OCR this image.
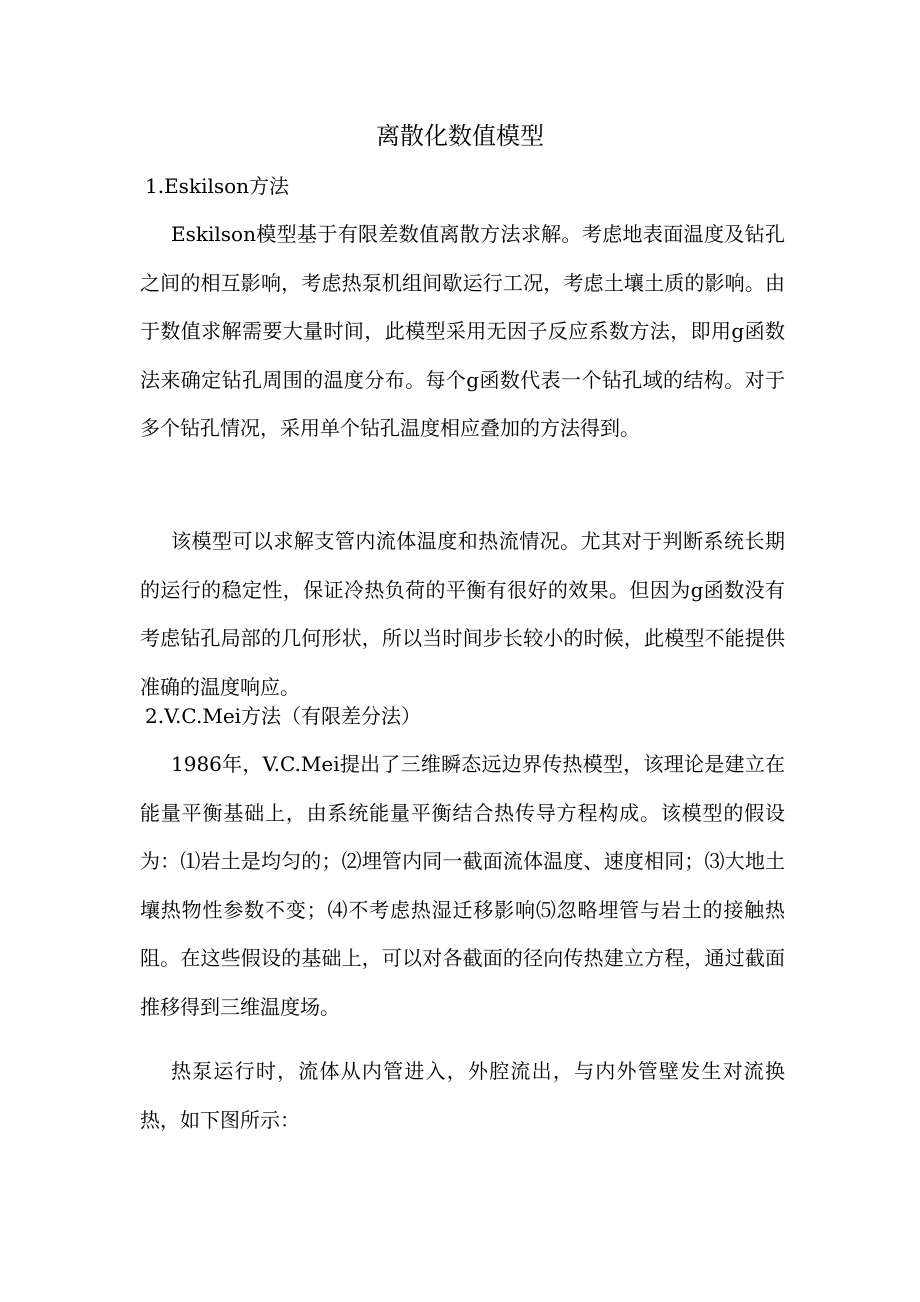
离散化数值模型
1.Eskilson方法

Eskilson模型基于有限差数值离散方法求解。考虑地表面温度及钻孔之间的相互影响，考虑热泵机组间歇运行工况，考虑土壤土质的影响。由于数值求解需要大量时间，此模型采用无因子反应系数方法，即用g函数法来确定钻孔周围的温度分布。每个g函数代表一个钻孔域的结构。对于多个钻孔情况，采用单个钻孔温度相应叠加的方法得到。

该模型可以求解支管内流体温度和热流情况。尤其对于判断系统长期的运行的稳定性，保证冷热负荷的平衡有很好的效果。但因为g函数没有考虑钻孔局部的几何形状，所以当时间步长较小的时候，此模型不能提供准确的温度响应。

2.V.C.Mei方法（有限差分法）

1986年，V.C.Mei提出了三维瞬态远边界传热模型，该理论是建立在能量平衡基础上，由系统能量平衡结合热传导方程构成。该模型的假设为：⑴岩土是均匀的；⑵埋管内同一截面流体温度、速度相同；⑶大地土壤热物性参数不变；⑷不考虑热湿迁移影响⑸忽略埋管与岩土的接触热阻。在这些假设的基础上，可以对各截面的径向传热建立方程，通过截面推移得到三维温度场。

热泵运行时，流体从内管进入，外腔流出，与内外管壁发生对流换热，如下图所示：
